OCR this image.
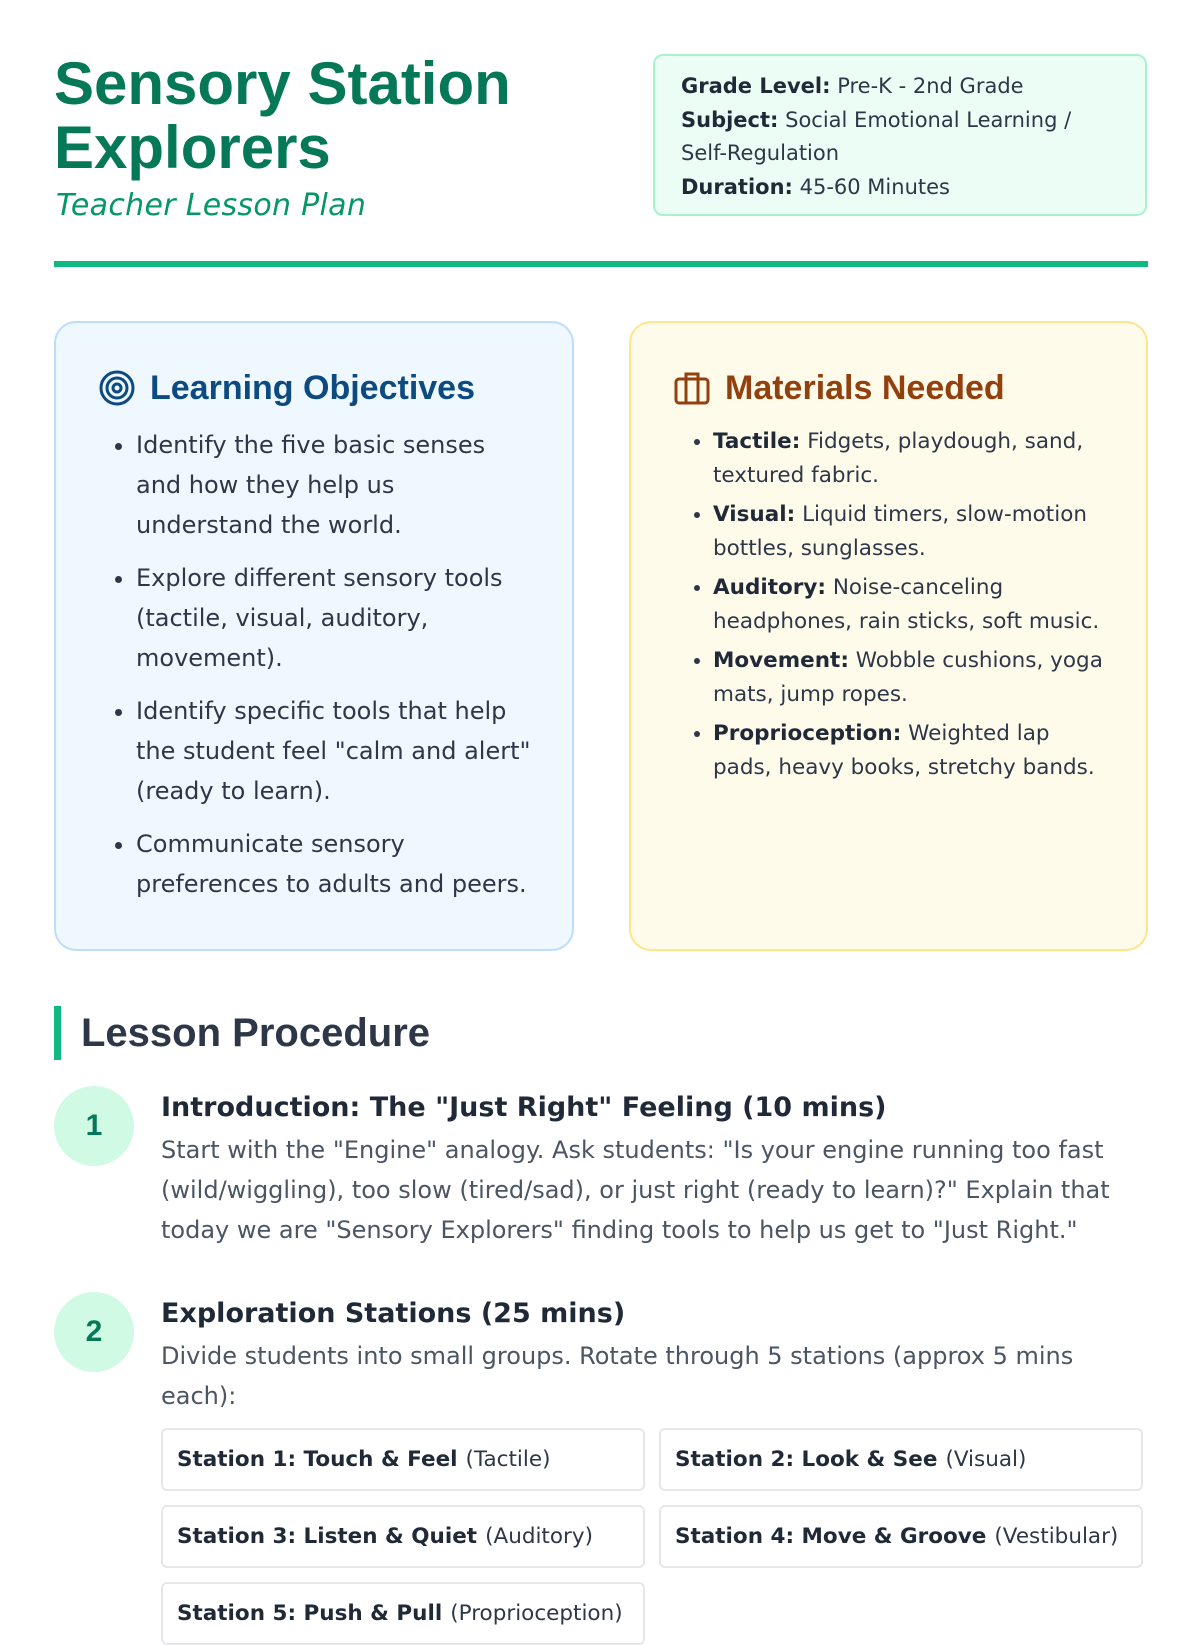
Sensory Station
Explorers
Teacher Lesson Plan
Grade Level: Pre-K - 2nd Grade
Subject: Social Emotional Learning / Self-Regulation
Duration: 45-60 Minutes
Learning Objectives
• Identify the five basic senses and how they help us understand the world.
• Explore different sensory tools (tactile, visual, auditory, movement).
• Identify specific tools that help the student feel "calm and alert" (ready to learn).
• Communicate sensory preferences to adults and peers.
Materials Needed
• Tactile: Fidgets, playdough, sand, textured fabric.
• Visual: Liquid timers, slow-motion bottles, sunglasses.
• Auditory: Noise-canceling headphones, rain sticks, soft music.
• Movement: Wobble cushions, yoga mats, jump ropes.
• Proprioception: Weighted lap pads, heavy books, stretchy bands.
Lesson Procedure
1
Introduction: The "Just Right" Feeling (10 mins)
Start with the "Engine" analogy. Ask students: "Is your engine running too fast (wild/wiggling), too slow (tired/sad), or just right (ready to learn)?" Explain that today we are "Sensory Explorers" finding tools to help us get to "Just Right."
2
Exploration Stations (25 mins)
Divide students into small groups. Rotate through 5 stations (approx 5 mins each):
Station 1: Touch & Feel (Tactile)	Station 2: Look & See (Visual)
Station 3: Listen & Quiet (Auditory)	Station 4: Move & Groove (Vestibular)
Station 5: Push & Pull (Proprioception)
